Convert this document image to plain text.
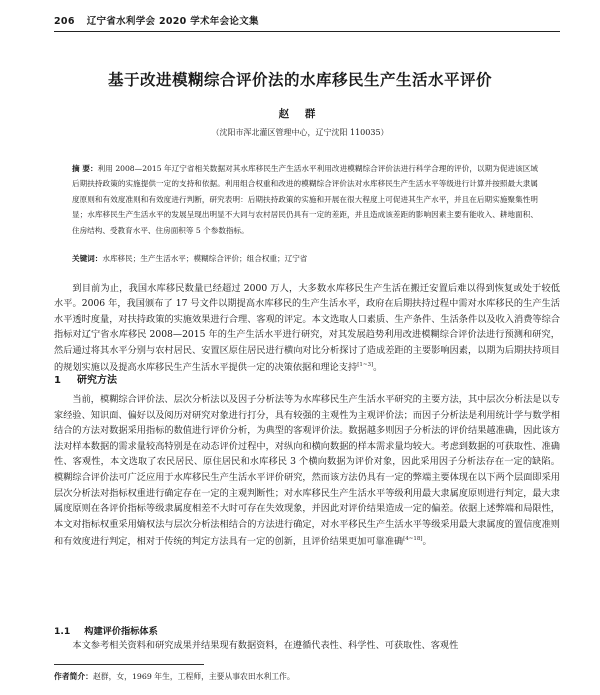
206 辽宁省水利学会 2020 学术年会论文集
基于改进模糊综合评价法的水库移民生产生活水平评价
赵 群
（沈阳市浑北灌区管理中心，辽宁沈阳 110035）
摘 要：利用 2008—2015 年辽宁省相关数据对其水库移民生产生活水平利用改进模糊综合评价法进行科学合理的评价，以期为促进该区域后期扶持政策的实施提供一定的支持和依据。利用组合权重和改进的模糊综合评价法对水库移民生产生活水平等级进行计算并按照最大隶属度原则和有效度准则和有效度进行判断，研究表明：后期扶持政策的实施和开展在很大程度上可促进其生产水平，并且在后期实施聚集性明显；水库移民生产生活水平的发展呈现出明显不大同与农村居民仍具有一定的差距，并且造成该差距的影响因素主要有能收入、耕地面积、住房结构、受教育水平、住房面积等 5 个参数指标。
关键词：水库移民；生产生活水平；模糊综合评价；组合权重；辽宁省
到目前为止，我国水库移民数量已经超过 2000 万人，大多数水库移民生产生活在搬迁安置后难以得到恢复或处于较低水平。2006 年，我国颁布了 17 号文件以期提高水库移民的生产生活水平，政府在后期扶持过程中需对水库移民的生产生活水平透时度量，对扶持政策的实施效果进行合理、客观的评定。本文选取人口素质、生产条件、生活条件以及收入消费等综合指标对辽宁省水库移民 2008—2015 年的生产生活水平进行研究，对其发展趋势利用改进模糊综合评价法进行预测和研究，然后通过将其水平分别与农村居民、安置区原住居民进行横向对比分析探讨了造成差距的主要影响因素，以期为后期扶持项目的规划实施以及提高水库移民生产生活水平提供一定的决策依据和理论支持[1~3]。
1 研究方法
当前，模糊综合评价法、层次分析法以及因子分析法等为水库移民生产生活水平研究的主要方法，其中层次分析法是以专家经验、知识面、偏好以及阅历对研究对象进行打分，具有较强的主观性为主观评价法；而因子分析法是利用统计学与数学相结合的方法对数据采用指标的数值进行评价分析，为典型的客观评价法。数据越多则因子分析法的评价结果越准确，因此该方法对样本数据的需求量较高特别是在动态评价过程中，对纵向和横向数据的样本需求量均较大。考虑到数据的可获取性、准确性、客观性，本文选取了农民居民、原住居民和水库移民 3 个横向数据为评价对象，因此采用因子分析法存在一定的缺陷。模糊综合评价法可广泛应用于水库移民生产生活水平评价研究，然而该方法仍具有一定的弊端主要体现在以下两个层面即采用层次分析法对指标权重进行确定存在一定的主观判断性；对水库移民生产生活水平等级利用最大隶属度原则进行判定，最大隶属度原则在各评价指标等级隶属度相差不大时可存在失效现象，并因此对评价结果造成一定的偏差。依据上述弊端和局限性，本文对指标权重采用熵权法与层次分析法相结合的方法进行确定，对水平移民生产生活水平等级采用最大隶属度的置信度准则和有效度进行判定，相对于传统的判定方法具有一定的创新，且评价结果更加可靠准确[4~18]。
1.1 构建评价指标体系
本文参考相关资料和研究成果并结果现有数据资料，在遵循代表性、科学性、可获取性、客观性
作者简介：赵群，女，1969 年生，工程师，主要从事农田水利工作。
